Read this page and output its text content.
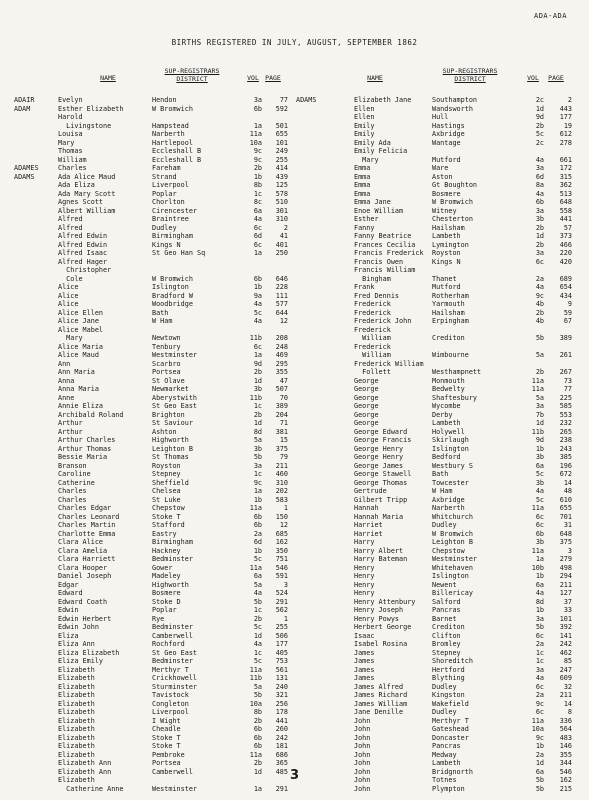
ADA-ADA
BIRTHS REGISTERED IN JULY, AUGUST, SEPTEMBER 1862
NAME
SUP-REGISTRARS DISTRICT	VOL PAGE	NAME
SUP-REGISTRARS DISTRICT	VOL	PAGE
ADAIR	Evelyn	Hendon	3a	77
ADAM	Esther Elizabeth	W Bromwich	6b	592
Harold
Livingstone	Hampstead	1a	501
Louisa	Narberth	11a	655
Mary	Hartlepool	10a	101
Thomas	Eccleshall B	9c	249
William	Eccleshall B	9c	255
ADAMES	Charles	Fareham	2b	414
ADAMS	Ada Alice Maud	Strand	1b	439
Ada Eliza	Liverpool	8b	125
Ada Mary Scott	Poplar	1c	578
Agnes Scott	Chorlton	8c	510
Albert William	Cirencester	6a	301
Alfred	Braintree	4a	310
Alfred	Dudley	6c	2
Alfred Edwin	Birmingham	6d	41
Alfred Edwin	Kings N	6c	401
Alfred Isaac	St Geo Han Sq	1a	250
Alfred Hager
Christopher
Cole	W Bromwich	6b	646
Alice	Islington	1b	228
Alice	Bradford W	9a	111
Alice	Woodbridge	4a	577
Alice Ellen	Bath	5c	644
Alice Jane	W Ham	4a	12
Alice Mabel
Mary	Newtown	11b	208
Alice Maria	Tenbury	6c	248
Alice Maud	Westminster	1a	469
Ann	Scarbro	9d	295
Ann Maria	Portsea	2b	355
Anna	St Olave	1d	47
Anna Maria	Newmarket	3b	507
Anne	Aberystwith	11b	70
Annie Eliza	St Geo East	1c	389
Archibald Roland	Brighton	2b	204
Arthur	St Saviour	1d	71
Arthur	Ashton	8d	381
Arthur Charles	Highworth	5a	15
Arthur Thomas	Leighton B	3b	375
Bessie Maria	St Thomas	5b	79
Branson	Royston	3a	211
Caroline	Stepney	1c	460
Catherine	Sheffield	9c	310
Charles	Chelsea	1a	202
Charles	St Luke	1b	583
Charles Edgar	Chepstow	11a	1
Charles Leonard	Stoke T	6b	150
Charles Martin	Stafford	6b	12
Charlotte Emma	Eastry	2a	685
Clara Alice	Birmingham	6d	162
Clara Amelia	Hackney	1b	350
Clara Harriett	Bedminster	5c	751
Clara Hooper	Gower	11a	546
Daniel Joseph	Madeley	6a	591
Edgar	Highworth	5a	3
Edward	Bosmere	4a	524
Edward Coath	Stoke D	5b	291
Edwin	Poplar	1c	562
Edwin Herbert	Rye	2b	1
Edwin John	Bedminster	5c	255
Eliza	Camberwell	1d	506
Eliza Ann	Rochford	4a	177
Eliza Elizabeth	St Geo East	1c	405
Eliza Emily	Bedminster	5c	753
Elizabeth	Merthyr T	11a	561
Elizabeth	Crickhowell	11b	131
Elizabeth	Sturminster	5a	240
Elizabeth	Tavistock	5b	321
Elizabeth	Congleton	10a	256
Elizabeth	Liverpool	8b	178
Elizabeth	I Wight	2b	441
Elizabeth	Cheadle	6b	260
Elizabeth	Stoke T	6b	242
Elizabeth	Stoke T	6b	181
Elizabeth	Pembroke	11a	686
Elizabeth Ann	Portsea	2b	365
Elizabeth Ann	Camberwell	1d	485
Elizabeth
Catherine Anne	Westminster	1a	291
ADAMS	Elizabeth Jane	Southampton	2c	2
Ellen	Wandsworth	1d	443
Ellen	Hull	9d	177
Emily	Hastings	2b	19
Emily	Axbridge	5c	612
Emily Ada	Wantage	2c	278
Emily Felicia
Mary	Mutford	4a	661
Emma	Ware	3a	172
Emma	Aston	6d	315
Emma	Gt Boughton	8a	362
Emma	Bosmere	4a	513
Emma Jane	W Bromwich	6b	648
Enoe William	Witney	3a	558
Esther	Chesterton	3b	441
Fanny	Hailsham	2b	57
Fanny Beatrice	Lambeth	1d	373
Frances Cecilia	Lymington	2b	466
Francis Frederick	Royston	3a	220
Francis Owen	Kings N	6c	420
Francis William
Bingham	Thanet	2a	689
Frank	Mutford	4a	654
Fred Dennis	Rotherham	9c	434
Frederick	Yarmouth	4b	9
Frederick	Hailsham	2b	59
Frederick John	Erpingham	4b	67
Frederick
William	Crediton	5b	389
Frederick
William	Wimbourne	5a	261
Frederick William
Follett	Westhampnett	2b	267
George	Monmouth	11a	73
George	Bedwelty	11a	77
George	Shaftesbury	5a	225
George	Wycombe	3a	585
George	Derby	7b	553
George	Lambeth	1d	232
George Edward	Holywell	11b	265
George Francis	Skirlaugh	9d	238
George Henry	Islington	1b	243
George Henry	Bedford	3b	385
George James	Westbury S	6a	196
George Stawell	Bath	5c	672
George Thomas	Towcester	3b	14
Gertrude	W Ham	4a	48
Gilbert Tripp	Axbridge	5c	610
Hannah	Narberth	11a	655
Hannah Maria	Whitchurch	6c	701
Harriet	Dudley	6c	31
Harriet	W Bromwich	6b	648
Harry	Leighton B	3b	375
Harry Albert	Chepstow	11a	3
Harry Bateman	Westminster	1a	279
Henry	Whitehaven	10b	498
Henry	Islington	1b	294
Henry	Newent	6a	211
Henry	Billericay	4a	127
Henry Attenbury	Salford	8d	37
Henry Joseph	Pancras	1b	33
Henry Powys	Barnet	3a	101
Herbert George	Crediton	5b	392
Isaac	Clifton	6c	141
Isabel Rosina	Bromley	2a	242
James	Stepney	1c	462
James	Shoreditch	1c	85
James	Hertford	3a	247
James	Blything	4a	609
James Alfred	Dudley	6c	32
James Richard	Kingston	2a	211
James William	Wakefield	9c	14
Jane Denille	Dudley	6c	8
John	Merthyr T	11a	336
John	Gateshead	10a	564
John	Doncaster	9c	483
John	Pancras	1b	146
John	Medway	2a	355
John	Lambeth	1d	344
John	Bridgnorth	6a	546
John	Totnes	5b	162
John	Plympton	5b	215
3
